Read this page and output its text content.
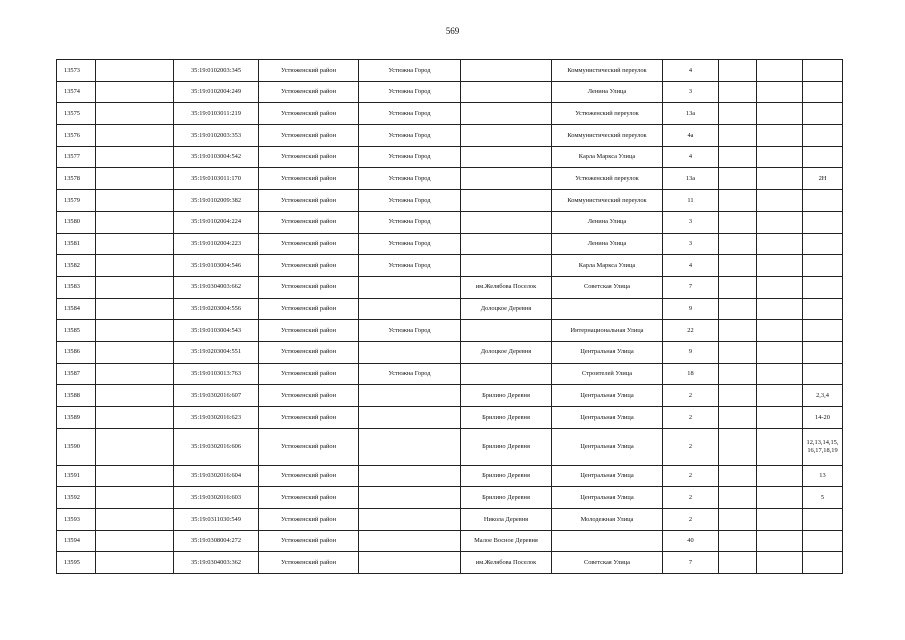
569
13573		35:19:0102003:345	Устюженский район	Устюжна Город		Коммунистический переулок	4			
13574		35:19:0102004:249	Устюженский район	Устюжна Город		Ленина Улица	3			
13575		35:19:0103011:219	Устюженский район	Устюжна Город		Устюженский переулок	13а			
13576		35:19:0102003:353	Устюженский район	Устюжна Город		Коммунистический переулок	4а			
13577		35:19:0103004:542	Устюженский район	Устюжна Город		Карла Маркса Улица	4			
13578		35:19:0103011:170	Устюженский район	Устюжна Город		Устюженский переулок	13а			2Н
13579		35:19:0102009:382	Устюженский район	Устюжна Город		Коммунистический переулок	11			
13580		35:19:0102004:224	Устюженский район	Устюжна Город		Ленина Улица	3			
13581		35:19:0102004:223	Устюженский район	Устюжна Город		Ленина Улица	3			
13582		35:19:0103004:546	Устюженский район	Устюжна Город		Карла Маркса Улица	4			
13583		35:19:0304003:662	Устюженский район		им.Желябова Поселок	Советская Улица	7			
13584		35:19:0203004:556	Устюженский район		Долоцкое Деревня		9			
13585		35:19:0103004:543	Устюженский район	Устюжна Город		Интернациональная Улица	22			
13586		35:19:0203004:551	Устюженский район		Долоцкое Деревня	Центральная Улица	9			
13587		35:19:0103013:763	Устюженский район	Устюжна Город		Строителей Улица	18			
13588		35:19:0302016:607	Устюженский район		Брилино Деревня	Центральная Улица	2			2,3,4
13589		35:19:0302016:623	Устюженский район		Брилино Деревня	Центральная Улица	2			14-20
13590		35:19:0302016:606	Устюженский район		Брилино Деревня	Центральная Улица	2			12,13,14,15,16,17,18,19
13591		35:19:0302016:604	Устюженский район		Брилино Деревня	Центральная Улица	2			13
13592		35:19:0302016:603	Устюженский район		Брилино Деревня	Центральная Улица	2			5
13593		35:19:0311030:549	Устюженский район		Никола Деревня	Молодежная Улица	2			
13594		35:19:0308004:272	Устюженский район		Малое Восное Деревня		40			
13595		35:19:0304003:362	Устюженский район		им.Желябова Поселок	Советская Улица	7			
